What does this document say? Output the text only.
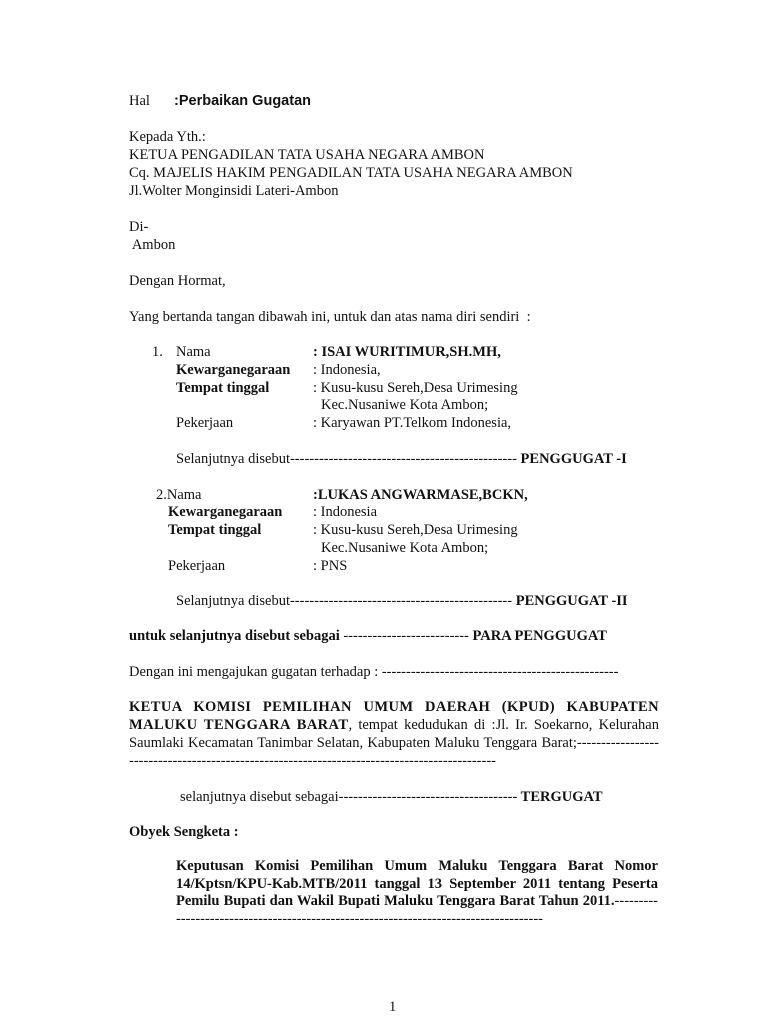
Hal :Perbaikan Gugatan
Kepada Yth.:
KETUA PENGADILAN TATA USAHA NEGARA AMBON
Cq. MAJELIS HAKIM PENGADILAN TATA USAHA NEGARA AMBON
Jl.Wolter Monginsidi Lateri-Ambon
Di-
Ambon
Dengan Hormat,
Yang bertanda tangan dibawah ini, untuk dan atas nama diri sendiri  :
1. Nama	: ISAI WURITIMUR,SH.MH,
Kewarganegaraan : Indonesia,
Tempat tinggal	: Kusu-kusu Sereh,Desa Urimesing
Kec.Nusaniwe Kota Ambon;
Pekerjaan	: Karyawan PT.Telkom Indonesia,
Selanjutnya disebut----------------------------------------------- PENGGUGAT -I
2.Nama	:LUKAS ANGWARMASE,BCKN,
Kewarganegaraan : Indonesia
Tempat tinggal	: Kusu-kusu Sereh,Desa Urimesing
Kec.Nusaniwe Kota Ambon;
Pekerjaan	: PNS
Selanjutnya disebut---------------------------------------------- PENGGUGAT -II
untuk selanjutnya disebut sebagai -------------------------- PARA PENGGUGAT
Dengan ini mengajukan gugatan terhadap : -------------------------------------------------
KETUA KOMISI PEMILIHAN UMUM DAERAH (KPUD) KABUPATEN MALUKU TENGGARA BARAT, tempat kedudukan di :Jl. Ir. Soekarno, Kelurahan Saumlaki Kecamatan Tanimbar Selatan, Kabupaten Maluku Tenggara Barat;---------------------------------------------------------------------------------------------
selanjutnya disebut sebagai------------------------------------- TERGUGAT
Obyek Sengketa :
Keputusan Komisi Pemilihan Umum Maluku Tenggara Barat Nomor 14/Kptsn/KPU-Kab.MTB/2011 tanggal 13 September 2011 tentang Peserta Pemilu Bupati dan Wakil Bupati Maluku Tenggara Barat Tahun 2011.-------------------------------------------------------------------------------------
1
